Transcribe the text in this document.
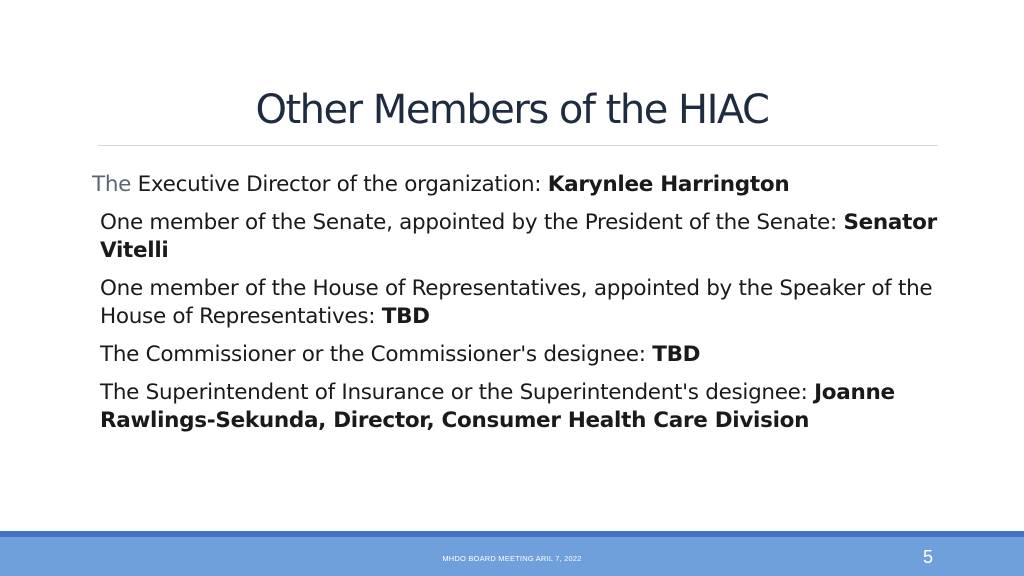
Other Members of the HIAC
The Executive Director of the organization: Karynlee Harrington
One member of the Senate, appointed by the President of the Senate: Senator Vitelli
One member of the House of Representatives, appointed by the Speaker of the House of Representatives: TBD
The Commissioner or the Commissioner's designee: TBD
The Superintendent of Insurance or the Superintendent's designee: Joanne Rawlings-Sekunda, Director, Consumer Health Care Division
MHDO BOARD MEETING ARIL 7, 2022	5
